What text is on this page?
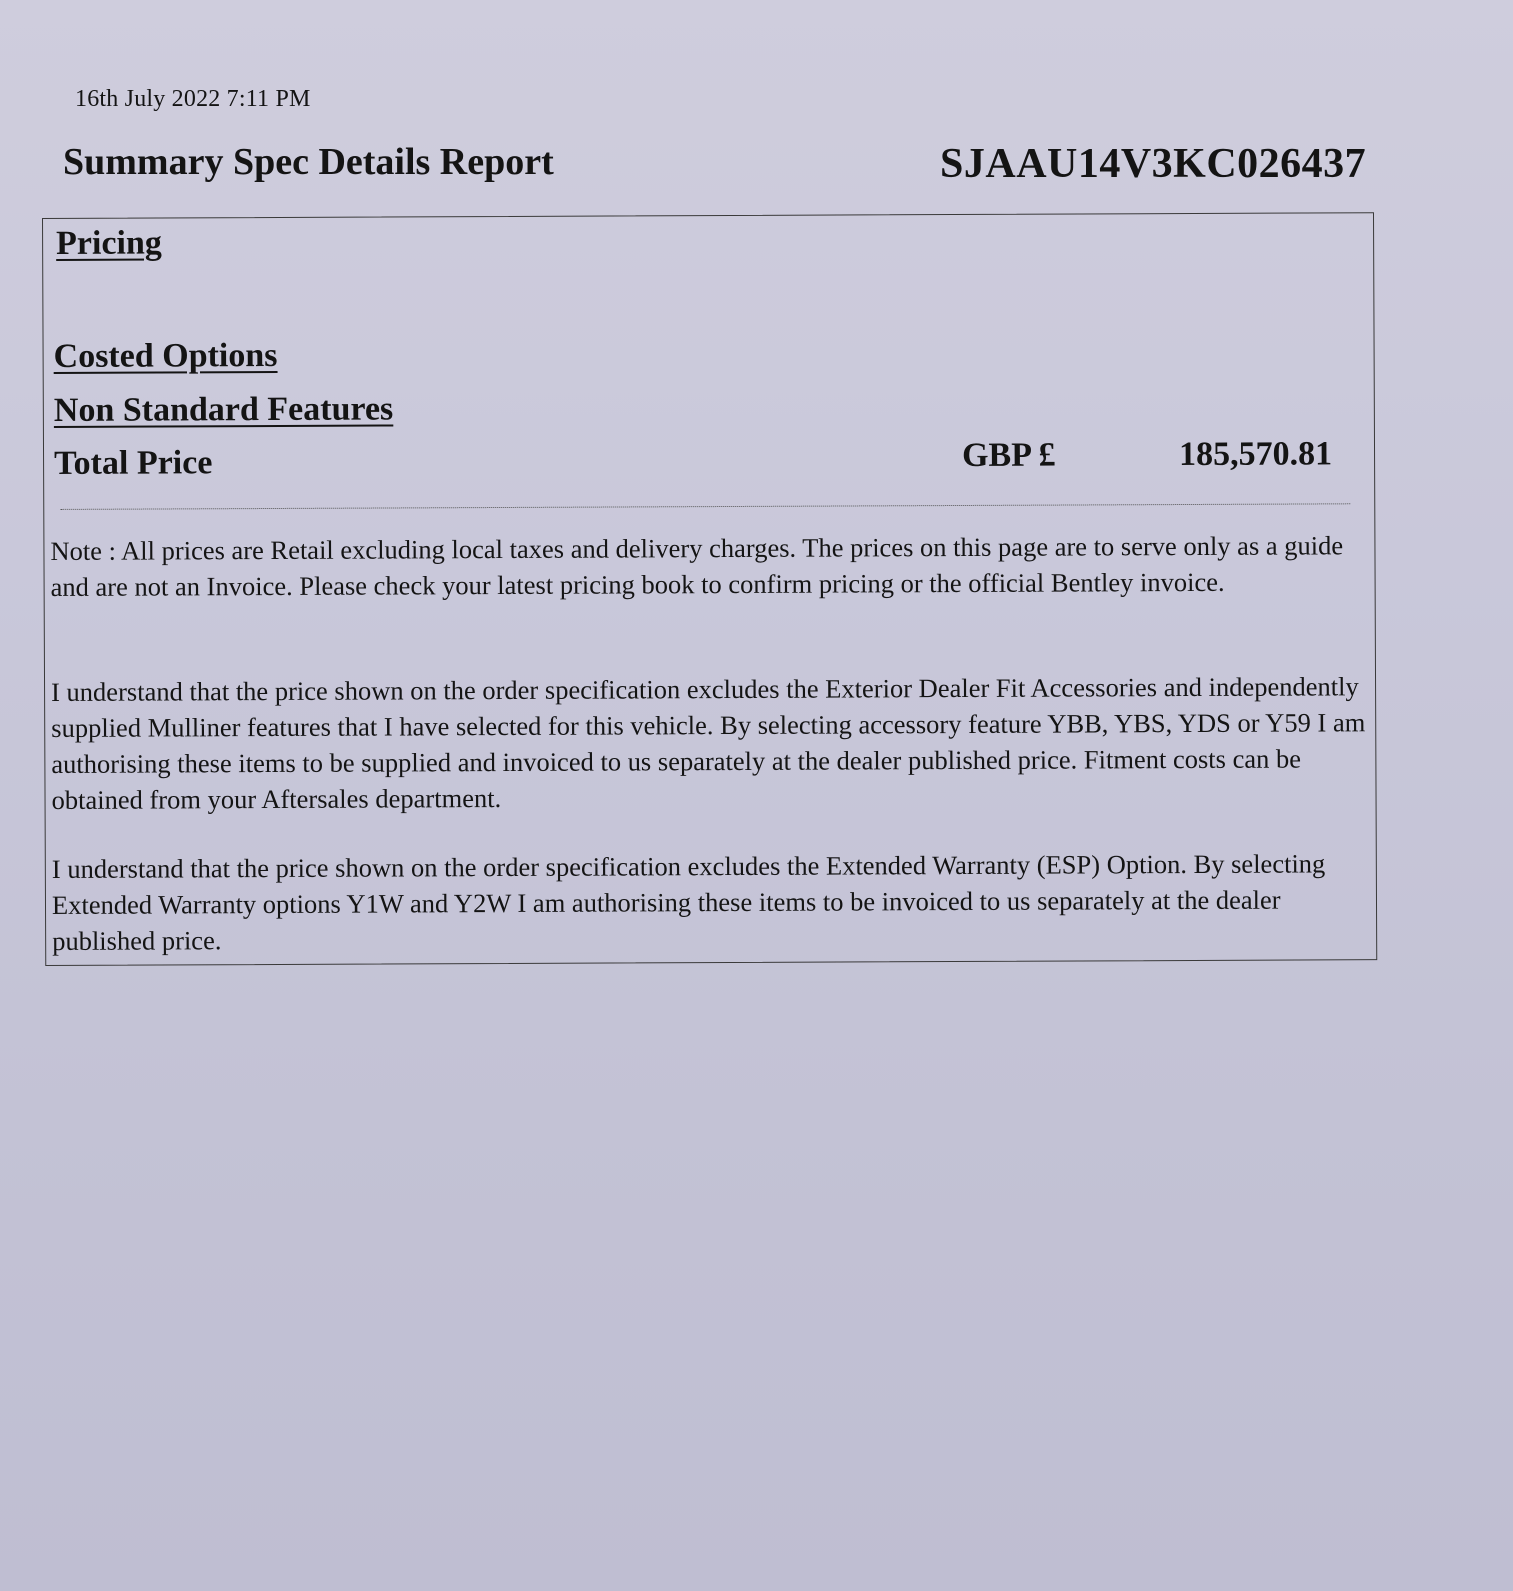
16th July 2022 7:11 PM
Summary Spec Details Report	SJAAU14V3KC026437
Pricing
Costed Options
Non Standard Features
Total Price	GBP £	185,570.81
Note : All prices are Retail excluding local taxes and delivery charges. The prices on this page are to serve only as a guide and are not an Invoice. Please check your latest pricing book to confirm pricing or the official Bentley invoice.
I understand that the price shown on the order specification excludes the Exterior Dealer Fit Accessories and independently supplied Mulliner features that I have selected for this vehicle. By selecting accessory feature YBB, YBS, YDS or Y59 I am authorising these items to be supplied and invoiced to us separately at the dealer published price. Fitment costs can be obtained from your Aftersales department.
I understand that the price shown on the order specification excludes the Extended Warranty (ESP) Option. By selecting Extended Warranty options Y1W and Y2W I am authorising these items to be invoiced to us separately at the dealer published price.
